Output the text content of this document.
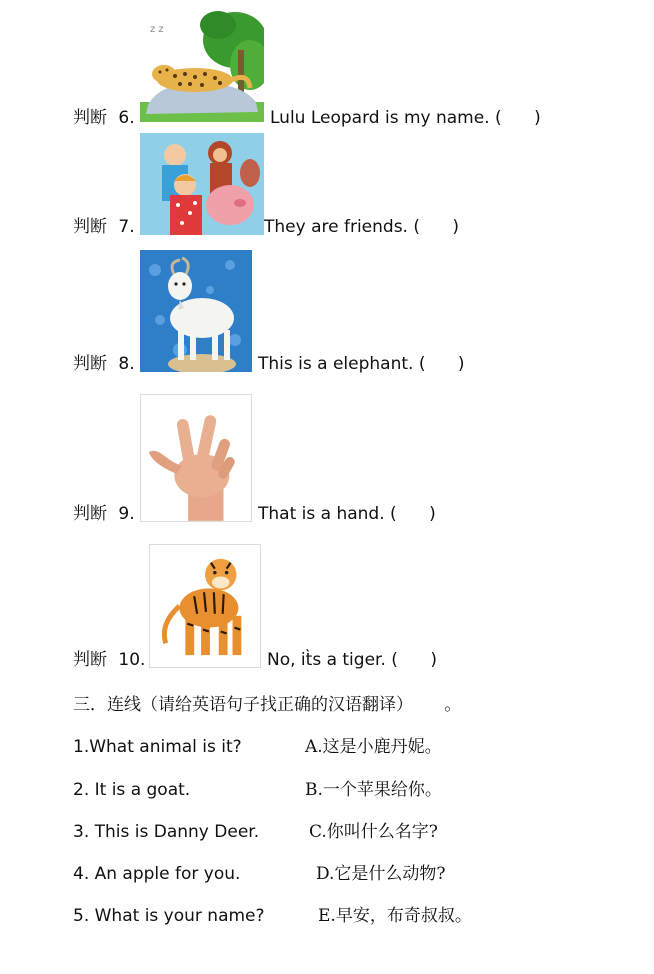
z z
判断 6.	Lulu Leopard is my name. (      )
判断 7.	They are friends. (      )
判断 8.	This is a elephant. (      )
判断 9.	That is a hand. (      )
判断 10.	No, it̀s a tiger. (      )
三．连线（请给英语句子找正确的汉语翻译） 。
1.What animal is it?	A.这是小鹿丹妮。
2. It is a goat.	B.一个苹果给你。
3. This is Danny Deer.	C.你叫什么名字?
4. An apple for you.	D.它是什么动物?
5. What is your name?	E.早安，布奇叔叔。
